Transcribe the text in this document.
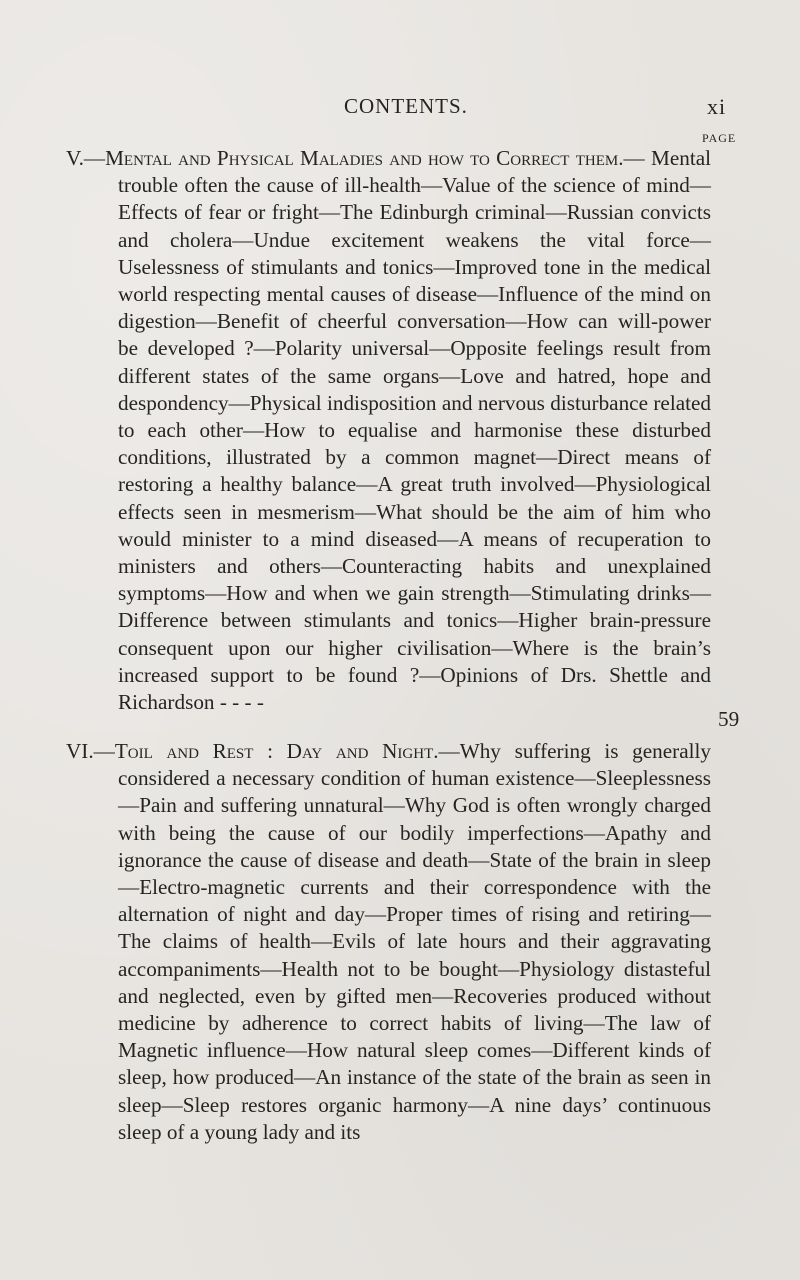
CONTENTS.	xi
PAGE

V.—Mental and Physical Maladies and how to Correct them.— Mental trouble often the cause of ill-health—Value of the science of mind—Effects of fear or fright—The Edinburgh criminal—Russian convicts and cholera—Undue excitement weakens the vital force—Uselessness of stimulants and tonics—Improved tone in the medical world respecting mental causes of disease—Influence of the mind on digestion—Benefit of cheerful conversation—How can will-power be developed ?—Polarity universal—Opposite feelings result from different states of the same organs—Love and hatred, hope and despondency—Physical indisposition and nervous disturbance related to each other—How to equalise and harmonise these disturbed conditions, illustrated by a common magnet—Direct means of restoring a healthy balance—A great truth involved—Physiological effects seen in mesmerism—What should be the aim of him who would minister to a mind diseased—A means of recuperation to ministers and others—Counteracting habits and unexplained symptoms—How and when we gain strength—Stimulating drinks—Difference between stimulants and tonics—Higher brain-pressure consequent upon our higher civilisation—Where is the brain’s increased support to be found ?—Opinions of Drs. Shettle and Richardson - - - -

59

VI.—Toil and Rest : Day and Night.—Why suffering is generally considered a necessary condition of human existence—Sleeplessness—Pain and suffering unnatural—Why God is often wrongly charged with being the cause of our bodily imperfections—Apathy and ignorance the cause of disease and death—State of the brain in sleep—Electro-magnetic currents and their correspondence with the alternation of night and day—Proper times of rising and retiring—The claims of health—Evils of late hours and their aggravating accompaniments—Health not to be bought—Physiology distasteful and neglected, even by gifted men—Recoveries produced without medicine by adherence to correct habits of living—The law of Magnetic influence—How natural sleep comes—Different kinds of sleep, how produced—An instance of the state of the brain as seen in sleep—Sleep restores organic harmony—A nine days’ continuous sleep of a young lady and its
